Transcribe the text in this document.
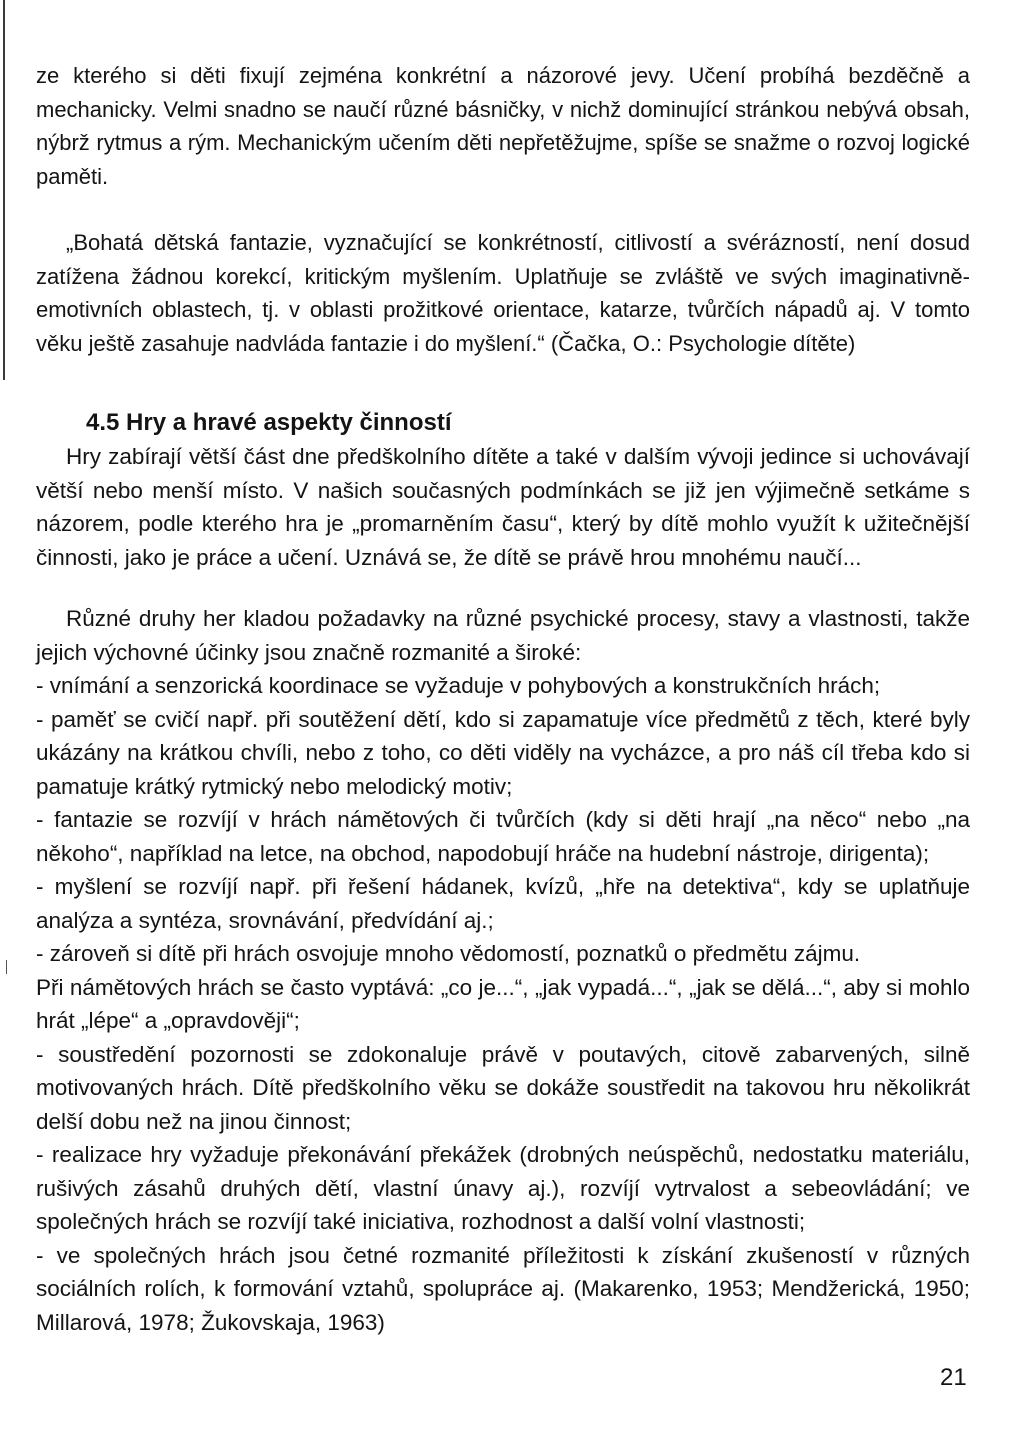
ze kterého si děti fixují zejména konkrétní a názorové jevy. Učení probíhá bezděčně a mechanicky. Velmi snadno se naučí různé básničky, v nichž dominující stránkou nebývá obsah, nýbrž rytmus a rým. Mechanickým učením děti nepřetěžujme, spíše se snažme o rozvoj logické paměti.

„Bohatá dětská fantazie, vyznačující se konkrétností, citlivostí a svérázností, není dosud zatížena žádnou korekcí, kritickým myšlením. Uplatňuje se zvláště ve svých imaginativně-emotivních oblastech, tj. v oblasti prožitkové orientace, katarze, tvůrčích nápadů aj. V tomto věku ještě zasahuje nadvláda fantazie i do myšlení.“ (Čačka, O.: Psychologie dítěte)

4.5 Hry a hravé aspekty činností

Hry zabírají větší část dne předškolního dítěte a také v dalším vývoji jedince si uchovávají větší nebo menší místo. V našich současných podmínkách se již jen výjimečně setkáme s názorem, podle kterého hra je „promarněním času“, který by dítě mohlo využít k užitečnější činnosti, jako je práce a učení. Uznává se, že dítě se právě hrou mnohému naučí...

Různé druhy her kladou požadavky na různé psychické procesy, stavy a vlastnosti, takže jejich výchovné účinky jsou značně rozmanité a široké:

- vnímání a senzorická koordinace se vyžaduje v pohybových a konstrukčních hrách;

- paměť se cvičí např. při soutěžení dětí, kdo si zapamatuje více předmětů z těch, které byly ukázány na krátkou chvíli, nebo z toho, co děti viděly na vycházce, a pro náš cíl třeba kdo si pamatuje krátký rytmický nebo melodický motiv;

- fantazie se rozvíjí v hrách námětových či tvůrčích (kdy si děti hrají „na něco“ nebo „na někoho“, například na letce, na obchod, napodobují hráče na hudební nástroje, dirigenta);

- myšlení se rozvíjí např. při řešení hádanek, kvízů, „hře na detektiva“, kdy se uplatňuje analýza a syntéza, srovnávání, předvídání aj.;

- zároveň si dítě při hrách osvojuje mnoho vědomostí, poznatků o předmětu zájmu.

Při námětových hrách se často vyptává: „co je...“, „jak vypadá...“, „jak se dělá...“, aby si mohlo hrát „lépe“ a „opravdověji“;

- soustředění pozornosti se zdokonaluje právě v poutavých, citově zabarvených, silně motivovaných hrách. Dítě předškolního věku se dokáže soustředit na takovou hru několikrát delší dobu než na jinou činnost;

- realizace hry vyžaduje překonávání překážek (drobných neúspěchů, nedostatku materiálu, rušivých zásahů druhých dětí, vlastní únavy aj.), rozvíjí vytrvalost a sebeovládání; ve společných hrách se rozvíjí také iniciativa, rozhodnost a další volní vlastnosti;

- ve společných hrách jsou četné rozmanité příležitosti k získání zkušeností v různých sociálních rolích, k formování vztahů, spolupráce aj. (Makarenko, 1953; Mendžerická, 1950; Millarová, 1978; Žukovskaja, 1963)

21
